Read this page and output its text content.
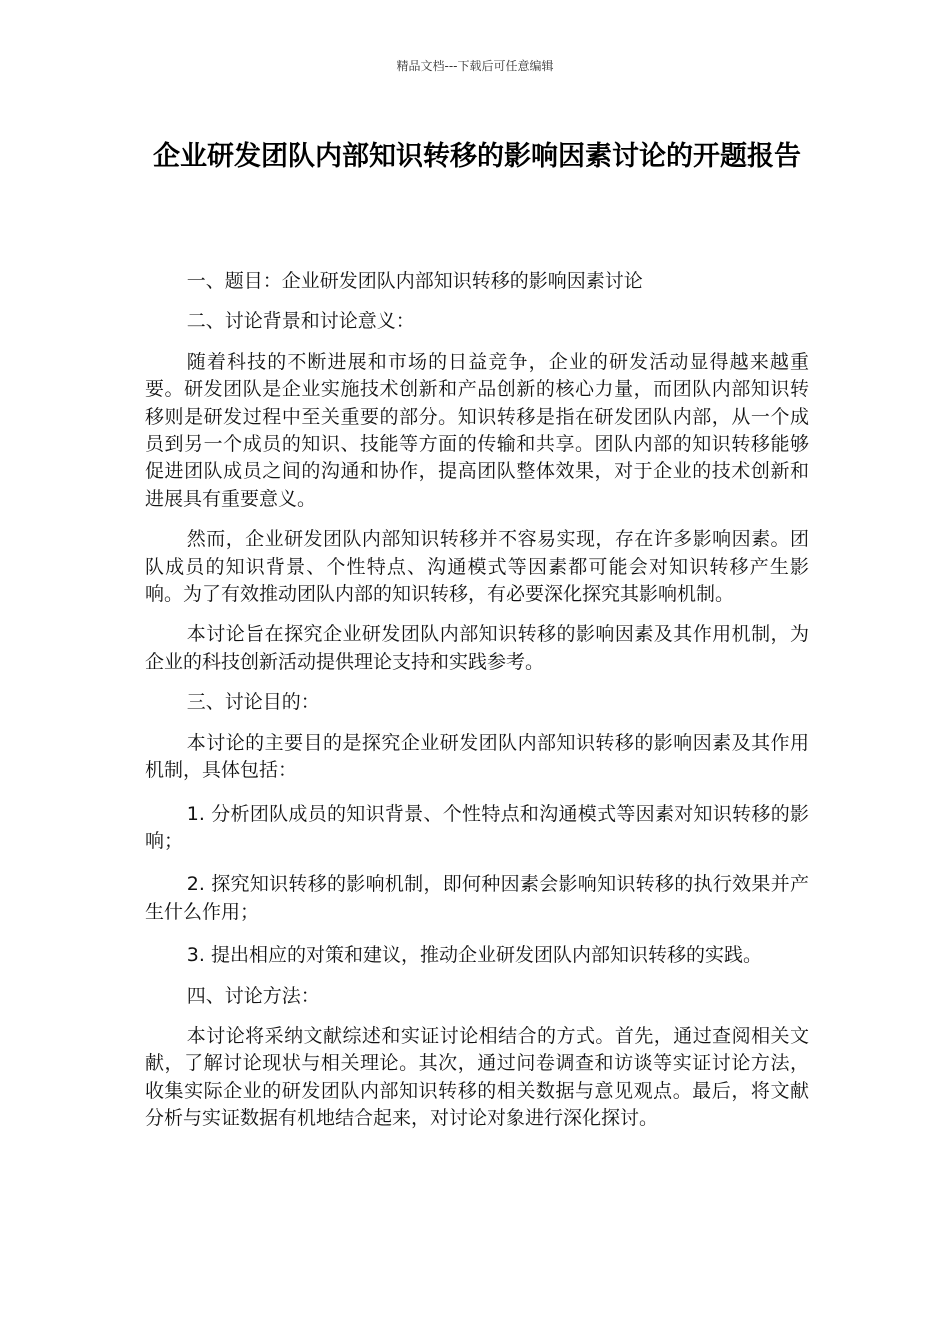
精品文档---下载后可任意编辑
企业研发团队内部知识转移的影响因素讨论的开题报告

一、题目：企业研发团队内部知识转移的影响因素讨论

二、讨论背景和讨论意义：

随着科技的不断进展和市场的日益竞争，企业的研发活动显得越来越重要。研发团队是企业实施技术创新和产品创新的核心力量，而团队内部知识转移则是研发过程中至关重要的部分。知识转移是指在研发团队内部，从一个成员到另一个成员的知识、技能等方面的传输和共享。团队内部的知识转移能够促进团队成员之间的沟通和协作，提高团队整体效果，对于企业的技术创新和进展具有重要意义。

然而，企业研发团队内部知识转移并不容易实现，存在许多影响因素。团队成员的知识背景、个性特点、沟通模式等因素都可能会对知识转移产生影响。为了有效推动团队内部的知识转移，有必要深化探究其影响机制。

本讨论旨在探究企业研发团队内部知识转移的影响因素及其作用机制，为企业的科技创新活动提供理论支持和实践参考。

三、讨论目的：

本讨论的主要目的是探究企业研发团队内部知识转移的影响因素及其作用机制，具体包括：

1. 分析团队成员的知识背景、个性特点和沟通模式等因素对知识转移的影响；

2. 探究知识转移的影响机制，即何种因素会影响知识转移的执行效果并产生什么作用；

3. 提出相应的对策和建议，推动企业研发团队内部知识转移的实践。

四、讨论方法：

本讨论将采纳文献综述和实证讨论相结合的方式。首先，通过查阅相关文献，了解讨论现状与相关理论。其次，通过问卷调查和访谈等实证讨论方法，收集实际企业的研发团队内部知识转移的相关数据与意见观点。最后，将文献分析与实证数据有机地结合起来，对讨论对象进行深化探讨。
